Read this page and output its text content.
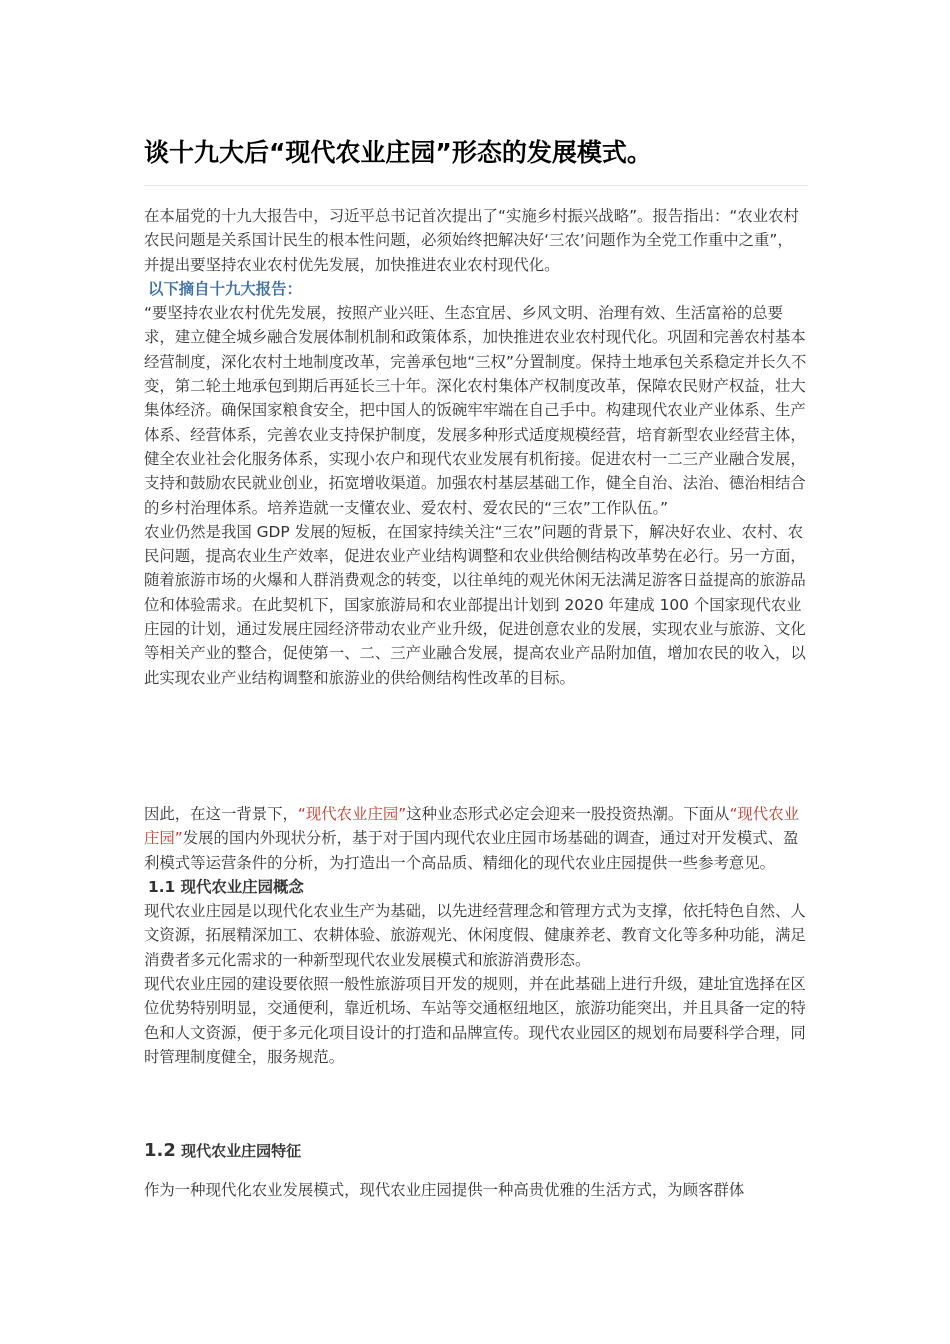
谈十九大后“现代农业庄园”形态的发展模式。

在本届党的十九大报告中，习近平总书记首次提出了“实施乡村振兴战略”。报告指出：“农业农村农民问题是关系国计民生的根本性问题，必须始终把解决好‘三农’问题作为全党工作重中之重”，并提出要坚持农业农村优先发展，加快推进农业农村现代化。

以下摘自十九大报告：

“要坚持农业农村优先发展，按照产业兴旺、生态宜居、乡风文明、治理有效、生活富裕的总要求，建立健全城乡融合发展体制机制和政策体系，加快推进农业农村现代化。巩固和完善农村基本经营制度，深化农村土地制度改革，完善承包地“三权”分置制度。保持土地承包关系稳定并长久不变，第二轮土地承包到期后再延长三十年。深化农村集体产权制度改革，保障农民财产权益，壮大集体经济。确保国家粮食安全，把中国人的饭碗牢牢端在自己手中。构建现代农业产业体系、生产体系、经营体系，完善农业支持保护制度，发展多种形式适度规模经营，培育新型农业经营主体，健全农业社会化服务体系，实现小农户和现代农业发展有机衔接。促进农村一二三产业融合发展，支持和鼓励农民就业创业，拓宽增收渠道。加强农村基层基础工作，健全自治、法治、德治相结合的乡村治理体系。培养造就一支懂农业、爱农村、爱农民的“三农”工作队伍。”

农业仍然是我国 GDP 发展的短板，在国家持续关注“三农”问题的背景下，解决好农业、农村、农民问题，提高农业生产效率，促进农业产业结构调整和农业供给侧结构改革势在必行。另一方面，随着旅游市场的火爆和人群消费观念的转变，以往单纯的观光休闲无法满足游客日益提高的旅游品位和体验需求。在此契机下，国家旅游局和农业部提出计划到 2020 年建成 100 个国家现代农业庄园的计划，通过发展庄园经济带动农业产业升级，促进创意农业的发展，实现农业与旅游、文化等相关产业的整合，促使第一、二、三产业融合发展，提高农业产品附加值，增加农民的收入，以此实现农业产业结构调整和旅游业的供给侧结构性改革的目标。

因此，在这一背景下，“现代农业庄园”这种业态形式必定会迎来一股投资热潮。下面从“现代农业庄园”发展的国内外现状分析，基于对于国内现代农业庄园市场基础的调查，通过对开发模式、盈利模式等运营条件的分析，为打造出一个高品质、精细化的现代农业庄园提供一些参考意见。

1.1 现代农业庄园概念

现代农业庄园是以现代化农业生产为基础，以先进经营理念和管理方式为支撑，依托特色自然、人文资源，拓展精深加工、农耕体验、旅游观光、休闲度假、健康养老、教育文化等多种功能，满足消费者多元化需求的一种新型现代农业发展模式和旅游消费形态。

现代农业庄园的建设要依照一般性旅游项目开发的规则，并在此基础上进行升级，建址宜选择在区位优势特别明显，交通便利，靠近机场、车站等交通枢纽地区，旅游功能突出，并且具备一定的特色和人文资源，便于多元化项目设计的打造和品牌宣传。现代农业园区的规划布局要科学合理，同时管理制度健全，服务规范。

1.2 现代农业庄园特征

作为一种现代化农业发展模式，现代农业庄园提供一种高贵优雅的生活方式，为顾客群体
